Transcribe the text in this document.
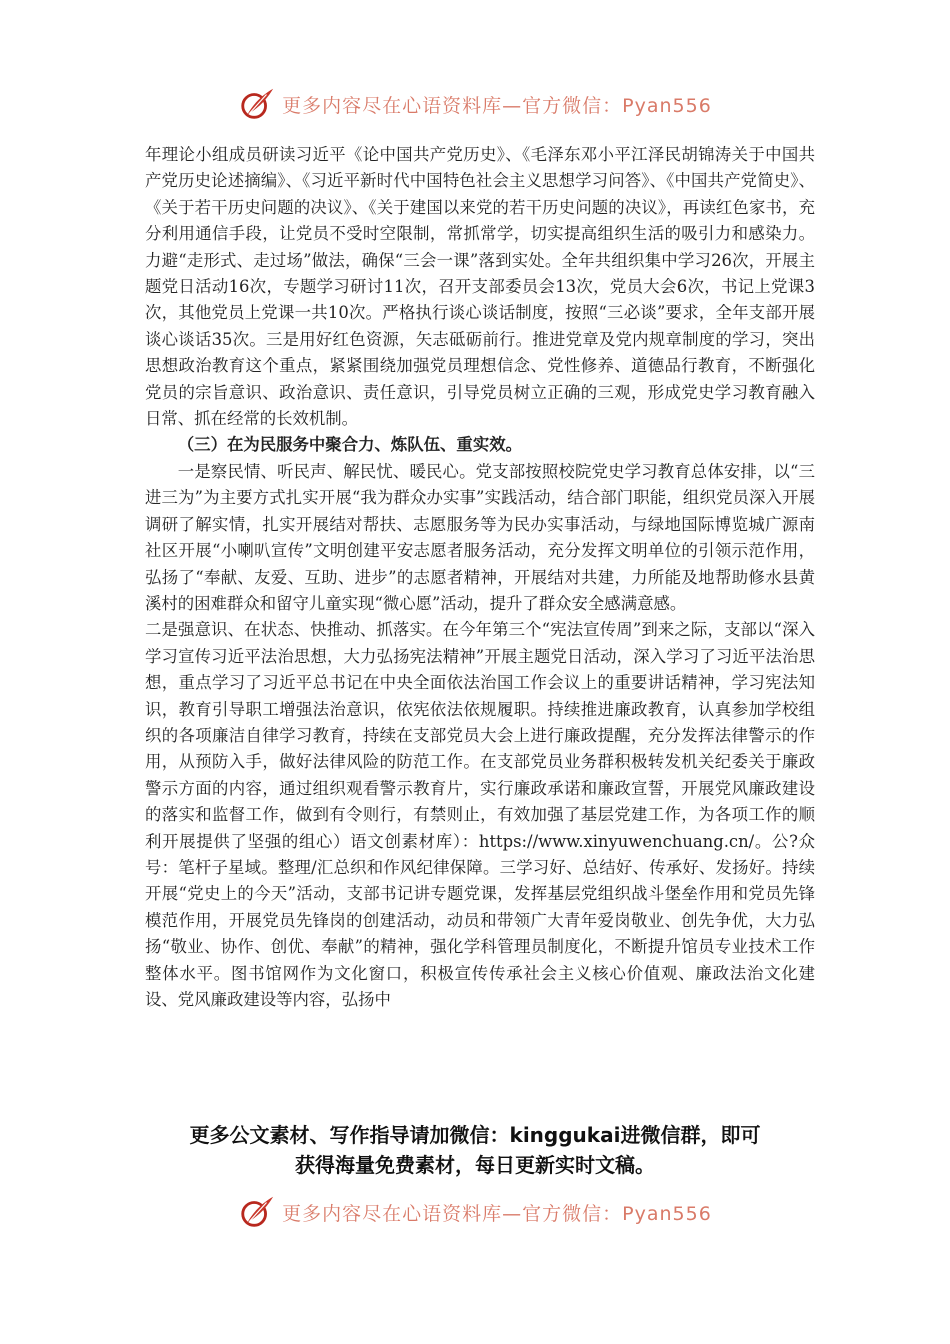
更多内容尽在心语资料库—官方微信：Pyan556

年理论小组成员研读习近平《论中国共产党历史》、《毛泽东邓小平江泽民胡锦涛关于中国共产党历史论述摘编》、《习近平新时代中国特色社会主义思想学习问答》、《中国共产党简史》、《关于若干历史问题的决议》、《关于建国以来党的若干历史问题的决议》，再读红色家书，充分利用通信手段，让党员不受时空限制，常抓常学，切实提高组织生活的吸引力和感染力。力避“走形式、走过场”做法，确保“三会一课”落到实处。全年共组织集中学习26次，开展主题党日活动16次，专题学习研讨11次，召开支部委员会13次，党员大会6次，书记上党课3次，其他党员上党课一共10次。严格执行谈心谈话制度，按照“三必谈”要求，全年支部开展谈心谈话35次。三是用好红色资源，矢志砥砺前行。推进党章及党内规章制度的学习，突出思想政治教育这个重点，紧紧围绕加强党员理想信念、党性修养、道德品行教育，不断强化党员的宗旨意识、政治意识、责任意识，引导党员树立正确的三观，形成党史学习教育融入日常、抓在经常的长效机制。

（三）在为民服务中聚合力、炼队伍、重实效。

一是察民情、听民声、解民忧、暖民心。党支部按照校院党史学习教育总体安排，以“三进三为”为主要方式扎实开展“我为群众办实事”实践活动，结合部门职能，组织党员深入开展调研了解实情，扎实开展结对帮扶、志愿服务等为民办实事活动，与绿地国际博览城广源南社区开展“小喇叭宣传”文明创建平安志愿者服务活动，充分发挥文明单位的引领示范作用，弘扬了“奉献、友爱、互助、进步”的志愿者精神，开展结对共建，力所能及地帮助修水县黄溪村的困难群众和留守儿童实现“微心愿”活动，提升了群众安全感满意感。

二是强意识、在状态、快推动、抓落实。在今年第三个“宪法宣传周”到来之际，支部以“深入学习宣传习近平法治思想，大力弘扬宪法精神”开展主题党日活动，深入学习了习近平法治思想，重点学习了习近平总书记在中央全面依法治国工作会议上的重要讲话精神，学习宪法知识，教育引导职工增强法治意识，依宪依法依规履职。持续推进廉政教育，认真参加学校组织的各项廉洁自律学习教育，持续在支部党员大会上进行廉政提醒，充分发挥法律警示的作用，从预防入手，做好法律风险的防范工作。在支部党员业务群积极转发机关纪委关于廉政警示方面的内容，通过组织观看警示教育片，实行廉政承诺和廉政宣誓，开展党风廉政建设的落实和监督工作，做到有令则行，有禁则止，有效加强了基层党建工作，为各项工作的顺利开展提供了坚强的组心）语文创素材库）：https://www.xinyuwenchuang.cn/。公?众号：笔杆子星域。整理/汇总织和作风纪律保障。三学习好、总结好、传承好、发扬好。持续开展“党史上的今天”活动，支部书记讲专题党课，发挥基层党组织战斗堡垒作用和党员先锋模范作用，开展党员先锋岗的创建活动，动员和带领广大青年爱岗敬业、创先争优，大力弘扬“敬业、协作、创优、奉献”的精神，强化学科管理员制度化，不断提升馆员专业技术工作整体水平。图书馆网作为文化窗口，积极宣传传承社会主义核心价值观、廉政法治文化建设、党风廉政建设等内容，弘扬中

更多公文素材、写作指导请加微信：kinggukai进微信群，即可
获得海量免费素材，每日更新实时文稿。
更多内容尽在心语资料库—官方微信：Pyan556
